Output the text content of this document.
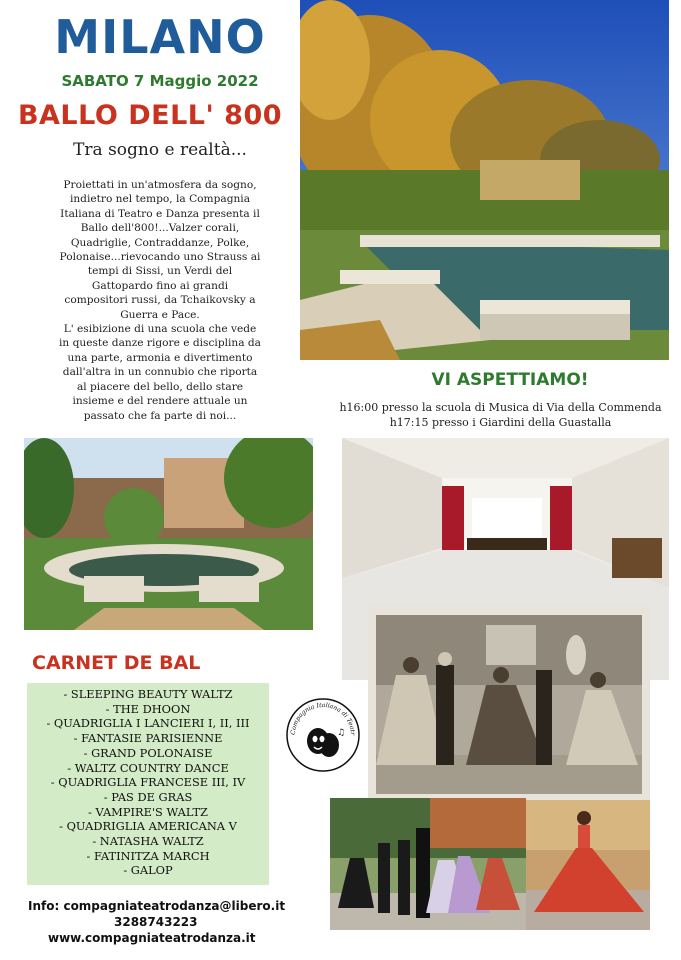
MILANO
SABATO 7 Maggio 2022
BALLO DELL' 800
Tra sogno e realtà...
Proiettati in un'atmosfera da sogno,
indietro nel tempo, la Compagnia
Italiana di Teatro e Danza presenta il
Ballo dell'800!...Valzer corali,
Quadriglie, Contraddanze, Polke,
Polonaise...rievocando uno Strauss ai
tempi di Sissi, un Verdi del
Gattopardo fino ai grandi
compositori russi, da Tchaikovsky a
Guerra e Pace.
L' esibizione di una scuola che vede
in queste danze rigore e disciplina da
una parte, armonia e divertimento
dall'altra in un connubio che riporta
al piacere del bello, dello stare
insieme e del rendere attuale un
passato che fa parte di noi...
VI ASPETTIAMO!
h16:00 presso la scuola di Musica di Via della Commenda
h17:15 presso i Giardini della Guastalla
Compagnia Italiana di Teatr
♫
CARNET DE BAL
- SLEEPING BEAUTY WALTZ
- THE DHOON
- QUADRIGLIA I LANCIERI I, II, III
- FANTASIE PARISIENNE
- GRAND POLONAISE
- WALTZ COUNTRY DANCE
- QUADRIGLIA FRANCESE III, IV
- PAS DE GRAS
- VAMPIRE'S WALTZ
- QUADRIGLIA AMERICANA V
- NATASHA WALTZ
- FATINITZA MARCH
- GALOP
Info: compagniateatrodanza@libero.it
3288743223
www.compagniateatrodanza.it
